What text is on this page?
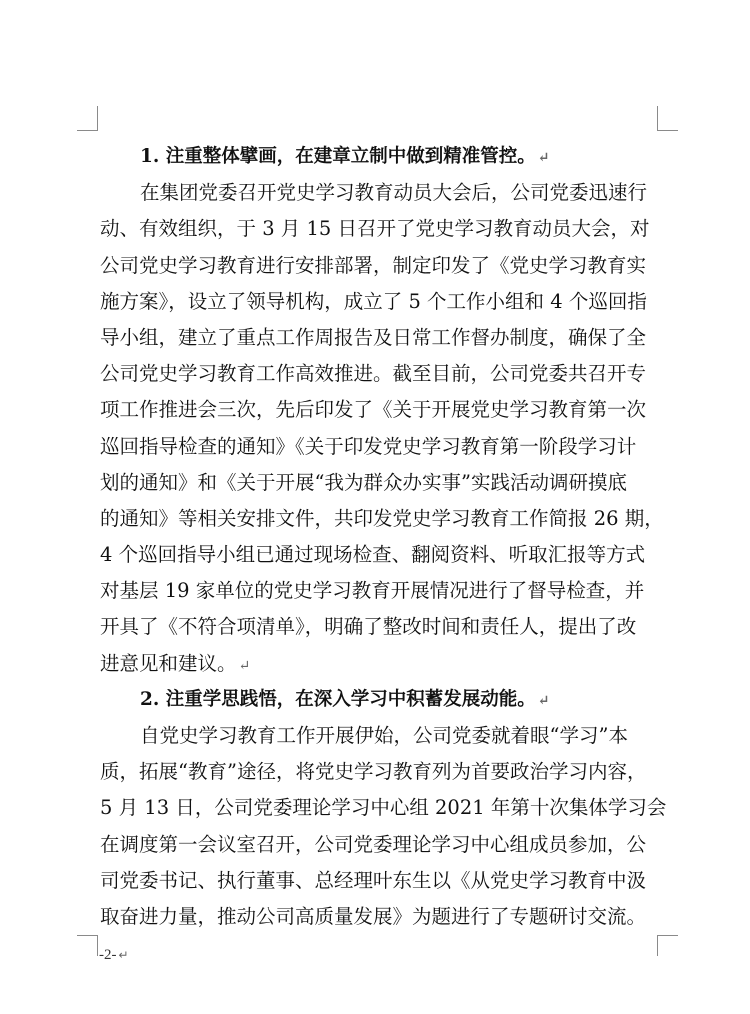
1. 注重整体擘画，在建章立制中做到精准管控。 ↵
在集团党委召开党史学习教育动员大会后，公司党委迅速行
动、有效组织，于 3 月 15 日召开了党史学习教育动员大会，对
公司党史学习教育进行安排部署，制定印发了《党史学习教育实
施方案》，设立了领导机构，成立了 5 个工作小组和 4 个巡回指
导小组，建立了重点工作周报告及日常工作督办制度，确保了全
公司党史学习教育工作高效推进。截至目前，公司党委共召开专
项工作推进会三次，先后印发了《关于开展党史学习教育第一次
巡回指导检查的通知》《关于印发党史学习教育第一阶段学习计
划的通知》和《关于开展“我为群众办实事”实践活动调研摸底
的通知》等相关安排文件，共印发党史学习教育工作简报 26 期，
4 个巡回指导小组已通过现场检查、翻阅资料、听取汇报等方式
对基层 19 家单位的党史学习教育开展情况进行了督导检查，并
开具了《不符合项清单》，明确了整改时间和责任人，提出了改
进意见和建议。 ↵
2. 注重学思践悟，在深入学习中积蓄发展动能。 ↵
自党史学习教育工作开展伊始，公司党委就着眼“学习”本
质，拓展“教育”途径，将党史学习教育列为首要政治学习内容，
5 月 13 日，公司党委理论学习中心组 2021 年第十次集体学习会
在调度第一会议室召开，公司党委理论学习中心组成员参加，公
司党委书记、执行董事、总经理叶东生以《从党史学习教育中汲
取奋进力量，推动公司高质量发展》为题进行了专题研讨交流。
-2- ↵
